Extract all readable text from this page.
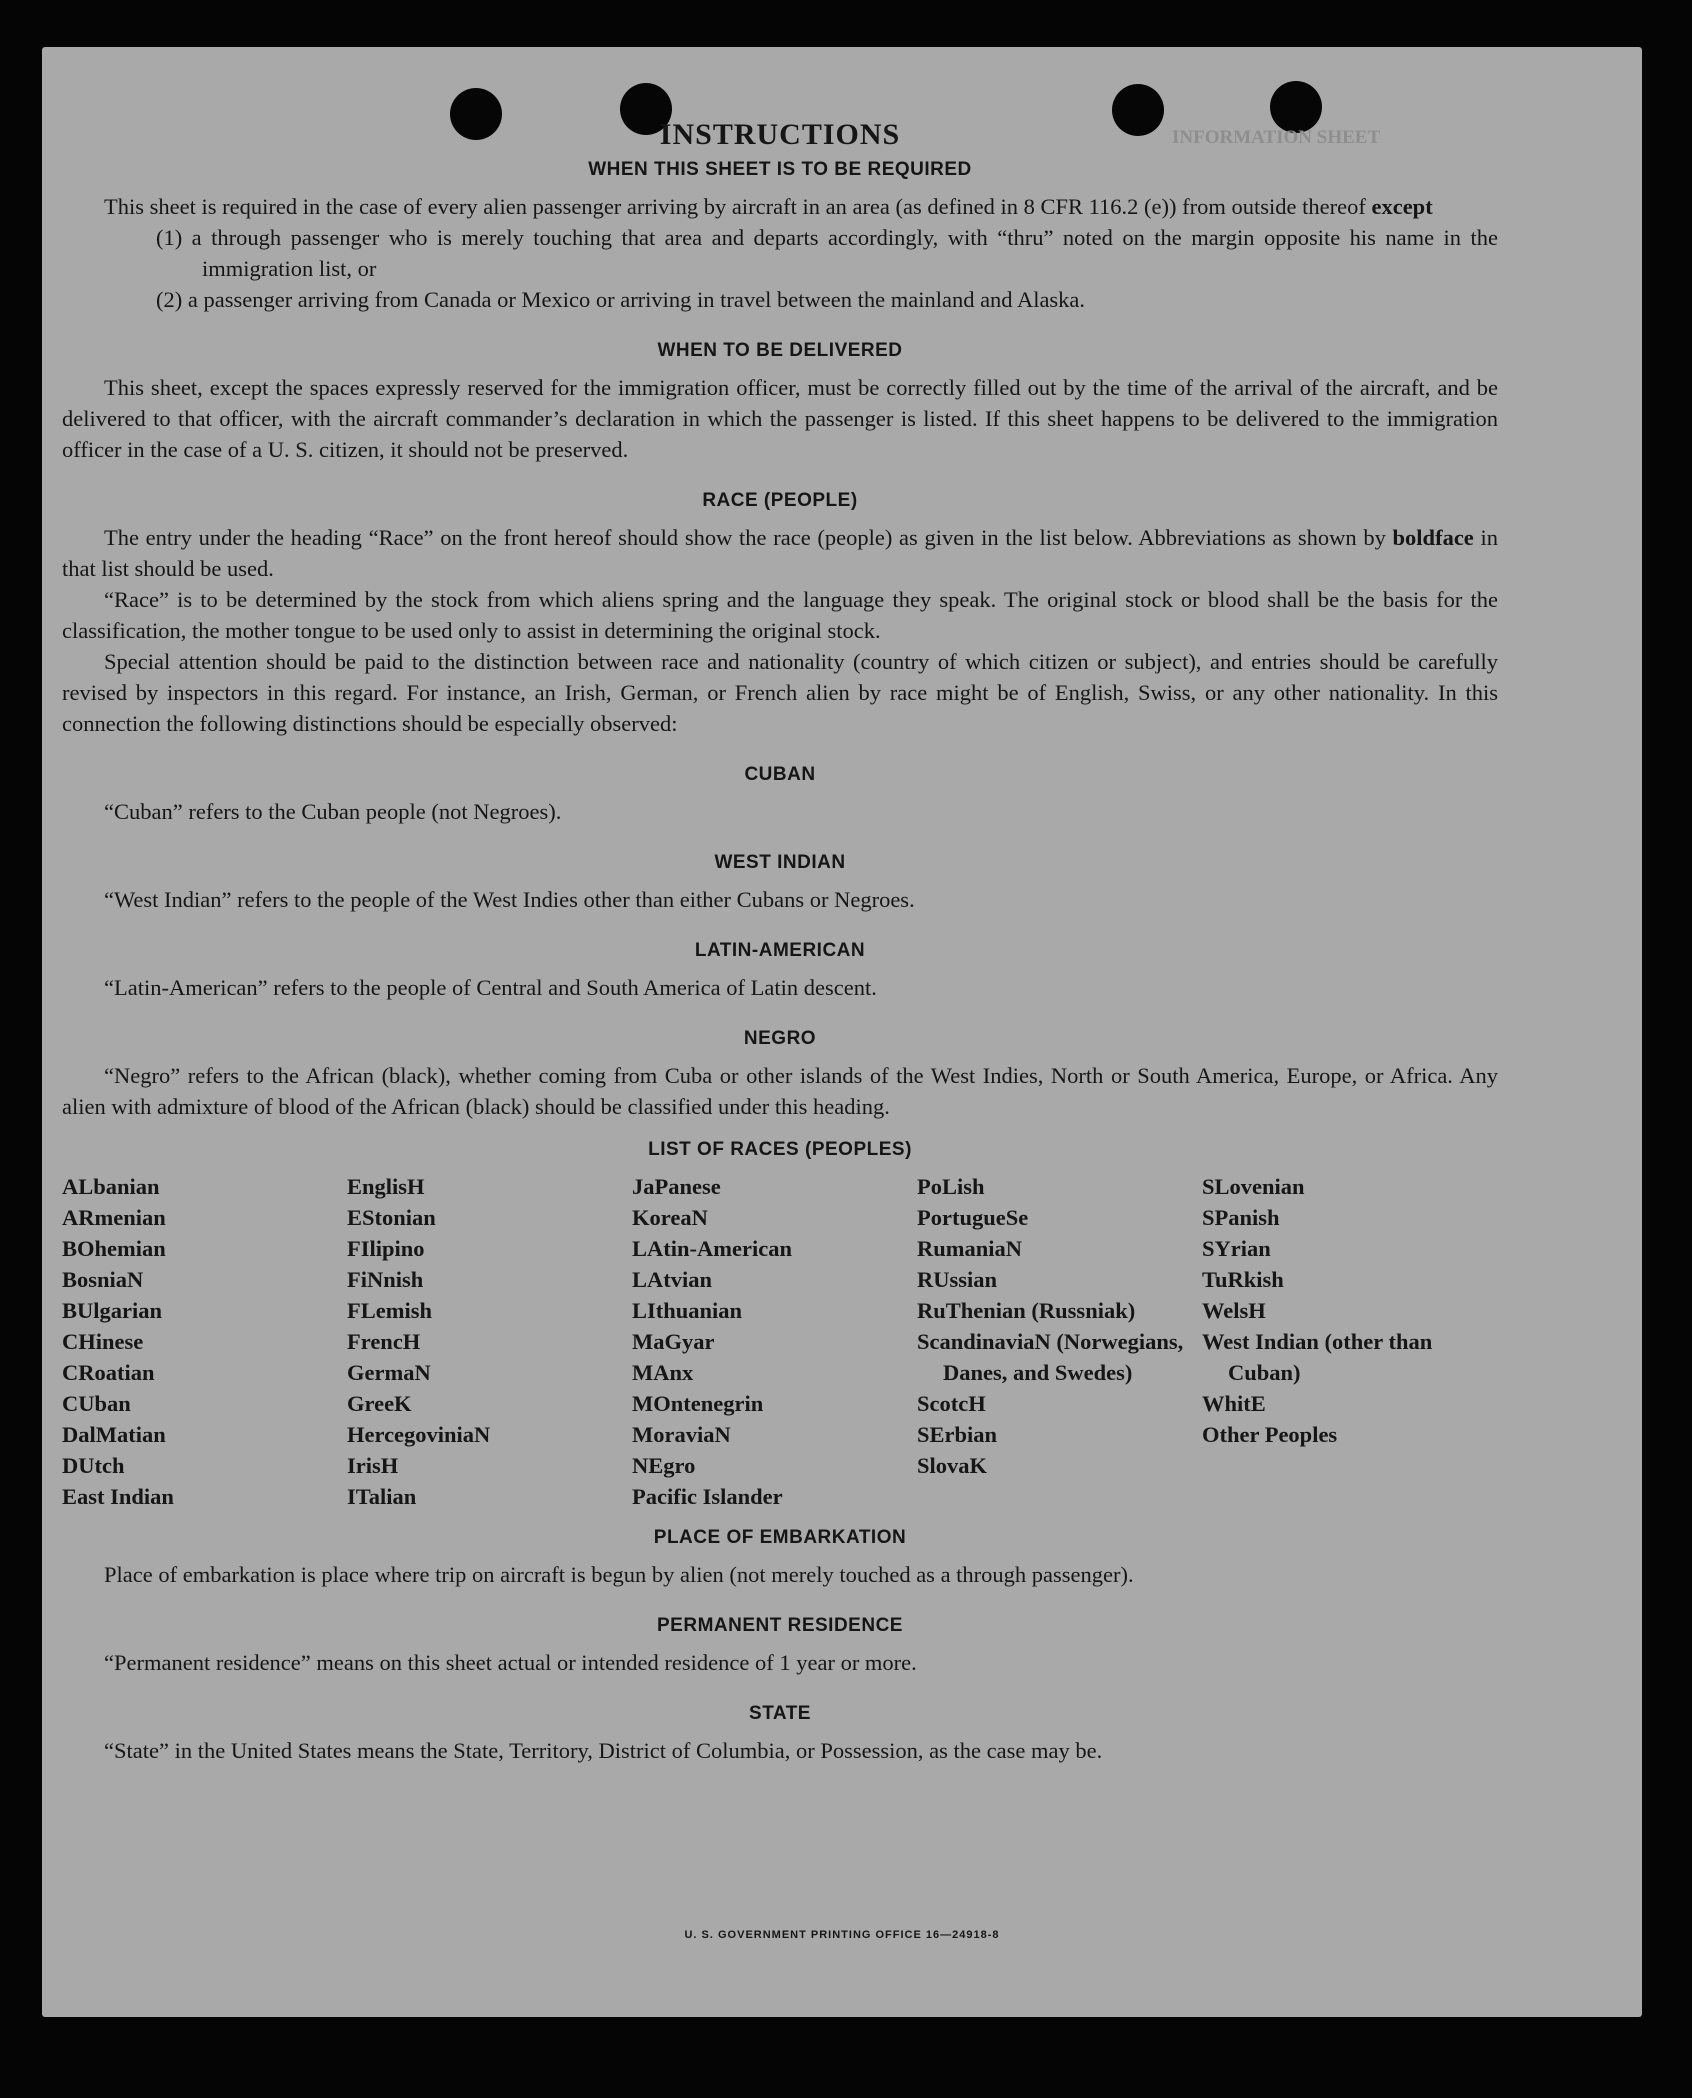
INFORMATION SHEET
INSTRUCTIONS
WHEN THIS SHEET IS TO BE REQUIRED

This sheet is required in the case of every alien passenger arriving by aircraft in an area (as defined in 8 CFR 116.2 (e)) from outside thereof except

(1) a through passenger who is merely touching that area and departs accordingly, with “thru” noted on the margin opposite his name in the immigration list, or

(2) a passenger arriving from Canada or Mexico or arriving in travel between the mainland and Alaska.

WHEN TO BE DELIVERED

This sheet, except the spaces expressly reserved for the immigration officer, must be correctly filled out by the time of the arrival of the aircraft, and be delivered to that officer, with the aircraft commander’s declaration in which the passenger is listed. If this sheet happens to be delivered to the immigration officer in the case of a U. S. citizen, it should not be preserved.

RACE (PEOPLE)

The entry under the heading “Race” on the front hereof should show the race (people) as given in the list below. Abbreviations as shown by boldface in that list should be used.

“Race” is to be determined by the stock from which aliens spring and the language they speak. The original stock or blood shall be the basis for the classification, the mother tongue to be used only to assist in determining the original stock.

Special attention should be paid to the distinction between race and nationality (country of which citizen or subject), and entries should be carefully revised by inspectors in this regard. For instance, an Irish, German, or French alien by race might be of English, Swiss, or any other nationality. In this connection the following distinctions should be especially observed:

CUBAN

“Cuban” refers to the Cuban people (not Negroes).

WEST INDIAN

“West Indian” refers to the people of the West Indies other than either Cubans or Negroes.

LATIN-AMERICAN

“Latin-American” refers to the people of Central and South America of Latin descent.

NEGRO

“Negro” refers to the African (black), whether coming from Cuba or other islands of the West Indies, North or South America, Europe, or Africa. Any alien with admixture of blood of the African (black) should be classified under this heading.

LIST OF RACES (PEOPLES)
ALbanian
ARmenian
BOhemian
BosniaN
BUlgarian
CHinese
CRoatian
CUban
DalMatian
DUtch
East Indian
EnglisH
EStonian
FIlipino
FiNnish
FLemish
FrencH
GermaN
GreeK
HercegoviniaN
IrisH
ITalian
JaPanese
KoreaN
LAtin-American
LAtvian
LIthuanian
MaGyar
MAnx
MOntenegrin
MoraviaN
NEgro
Pacific Islander
PoLish
PortugueSe
RumaniaN
RUssian
RuThenian (Russniak)
ScandinaviaN (Norwegians, Danes, and Swedes)
ScotcH
SErbian
SlovaK
SLovenian
SPanish
SYrian
TuRkish
WelsH
West Indian (other than Cuban)
WhitE
Other Peoples
PLACE OF EMBARKATION

Place of embarkation is place where trip on aircraft is begun by alien (not merely touched as a through passenger).

PERMANENT RESIDENCE

“Permanent residence” means on this sheet actual or intended residence of 1 year or more.

STATE

“State” in the United States means the State, Territory, District of Columbia, or Possession, as the case may be.

U. S. GOVERNMENT PRINTING OFFICE 16—24918-8
